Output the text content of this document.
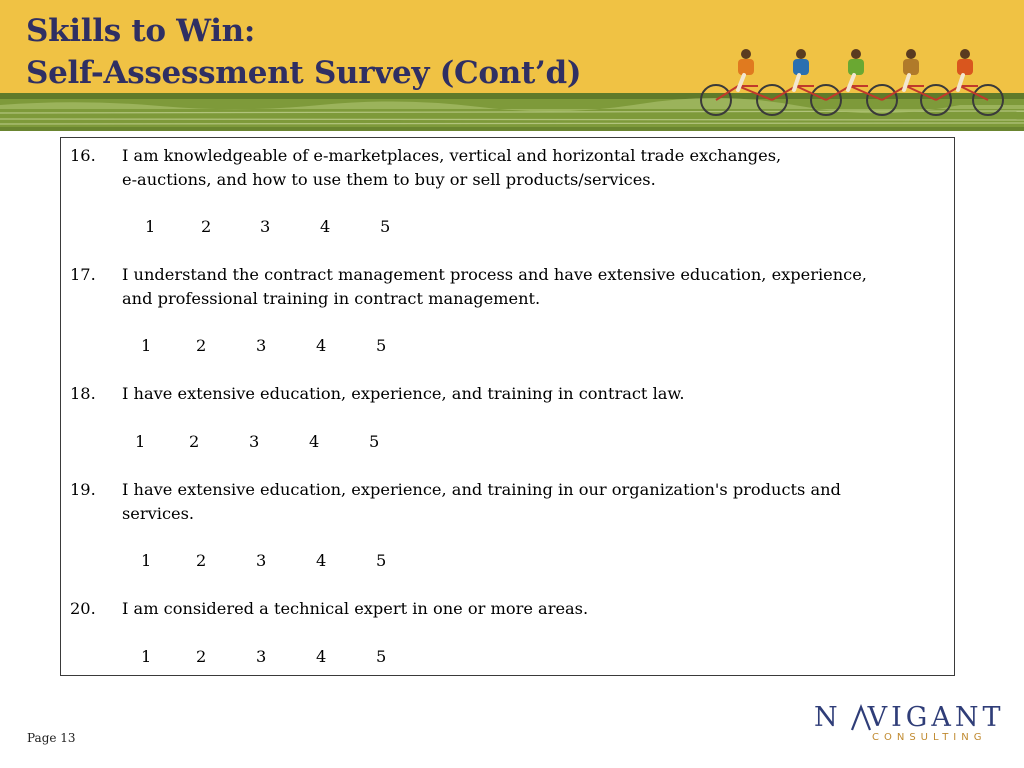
Skills to Win:
Self-Assessment Survey (Cont’d)
16. I am knowledgeable of e-marketplaces, vertical and horizontal trade exchanges,
e-auctions, and how to use them to buy or sell products/services.
1	2	3	4	5
17. I understand the contract management process and have extensive education, experience,
and professional training in contract management.
1	2	3	4	5
18. I have extensive education, experience, and training in contract law.
1	2	3	4	5
19. I have extensive education, experience, and training in our organization's products and
services.
1	2	3	4	5
20. I am considered a technical expert in one or more areas.
1	2	3	4	5
Page 13
N VIGANT
CONSULTING
